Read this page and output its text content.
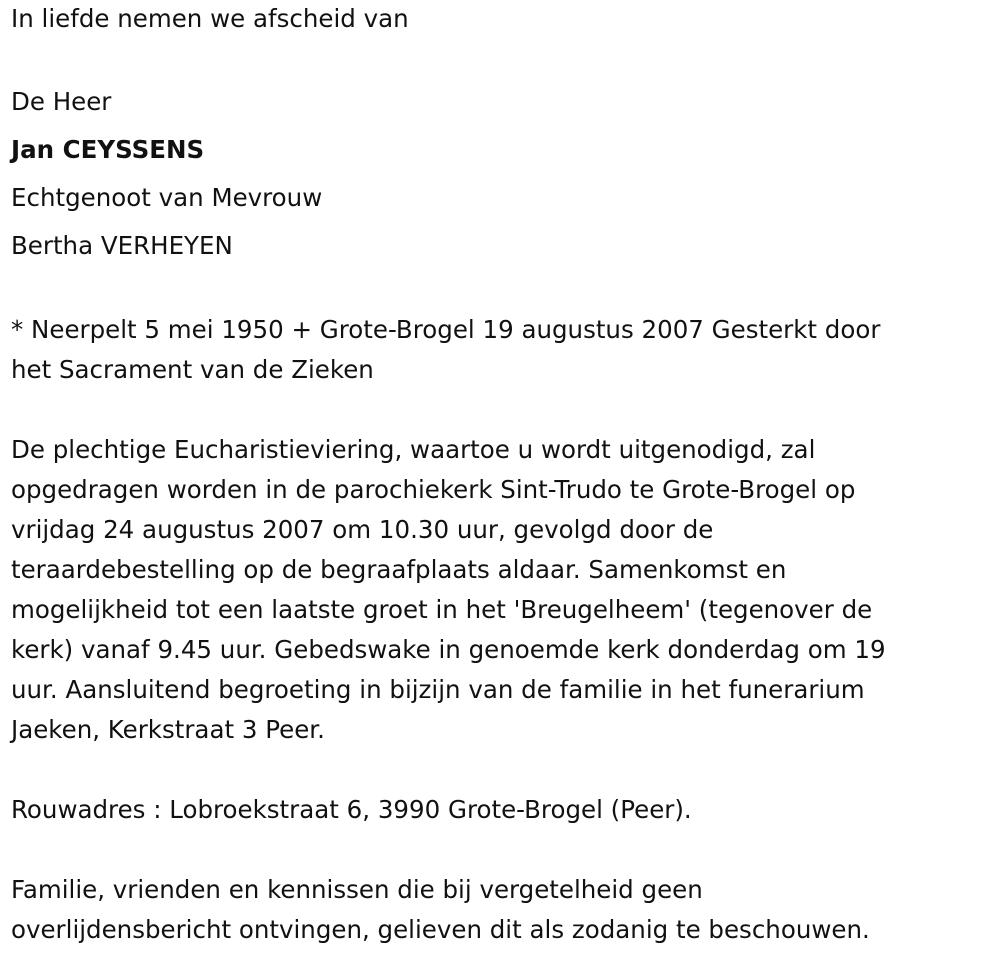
In liefde nemen we afscheid van

De Heer

Jan CEYSSENS

Echtgenoot van Mevrouw

Bertha VERHEYEN

* Neerpelt 5 mei 1950 + Grote-Brogel 19 augustus 2007 Gesterkt door
het Sacrament van de Zieken
De plechtige Eucharistieviering, waartoe u wordt uitgenodigd, zal
opgedragen worden in de parochiekerk Sint-Trudo te Grote-Brogel op
vrijdag 24 augustus 2007 om 10.30 uur, gevolgd door de
teraardebestelling op de begraafplaats aldaar. Samenkomst en
mogelijkheid tot een laatste groet in het 'Breugelheem' (tegenover de
kerk) vanaf 9.45 uur. Gebedswake in genoemde kerk donderdag om 19
uur. Aansluitend begroeting in bijzijn van de familie in het funerarium
Jaeken, Kerkstraat 3 Peer.

Rouwadres : Lobroekstraat 6, 3990 Grote-Brogel (Peer).

Familie, vrienden en kennissen die bij vergetelheid geen
overlijdensbericht ontvingen, gelieven dit als zodanig te beschouwen.
